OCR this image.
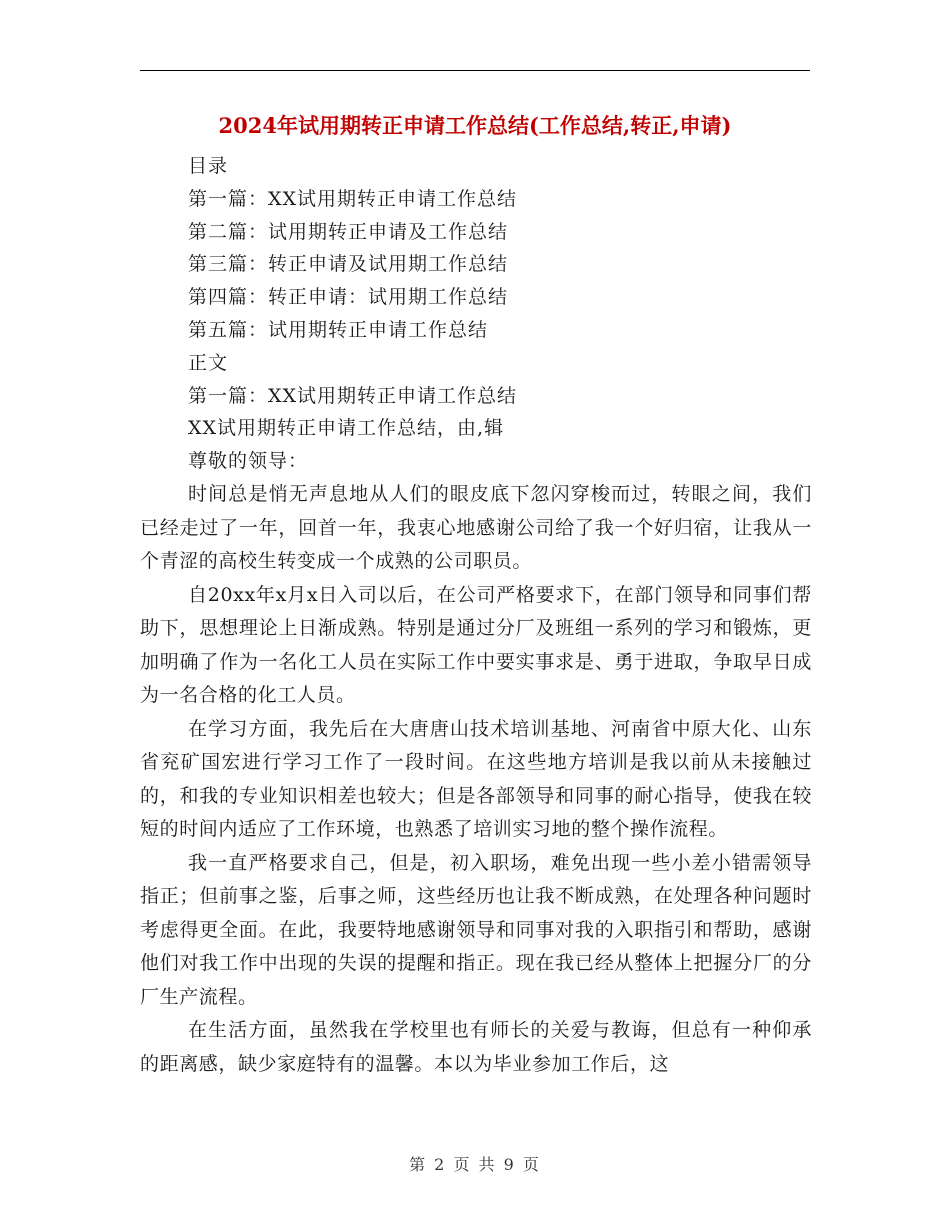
2024年试用期转正申请工作总结(工作总结,转正,申请)
目录
第一篇：XX试用期转正申请工作总结
第二篇：试用期转正申请及工作总结
第三篇：转正申请及试用期工作总结
第四篇：转正申请：试用期工作总结
第五篇：试用期转正申请工作总结
正文
第一篇：XX试用期转正申请工作总结
XX试用期转正申请工作总结，由,辑
尊敬的领导：

时间总是悄无声息地从人们的眼皮底下忽闪穿梭而过，转眼之间，我们已经走过了一年，回首一年，我衷心地感谢公司给了我一个好归宿，让我从一个青涩的高校生转变成一个成熟的公司职员。

自20xx年x月x日入司以后，在公司严格要求下，在部门领导和同事们帮助下，思想理论上日渐成熟。特别是通过分厂及班组一系列的学习和锻炼，更加明确了作为一名化工人员在实际工作中要实事求是、勇于进取，争取早日成为一名合格的化工人员。

在学习方面，我先后在大唐唐山技术培训基地、河南省中原大化、山东省兖矿国宏进行学习工作了一段时间。在这些地方培训是我以前从未接触过的，和我的专业知识相差也较大；但是各部领导和同事的耐心指导，使我在较短的时间内适应了工作环境，也熟悉了培训实习地的整个操作流程。

我一直严格要求自己，但是，初入职场，难免出现一些小差小错需领导指正；但前事之鉴，后事之师，这些经历也让我不断成熟，在处理各种问题时考虑得更全面。在此，我要特地感谢领导和同事对我的入职指引和帮助，感谢他们对我工作中出现的失误的提醒和指正。现在我已经从整体上把握分厂的分厂生产流程。

在生活方面，虽然我在学校里也有师长的关爱与教诲，但总有一种仰承的距离感，缺少家庭特有的温馨。本以为毕业参加工作后，这

第 2 页 共 9 页
